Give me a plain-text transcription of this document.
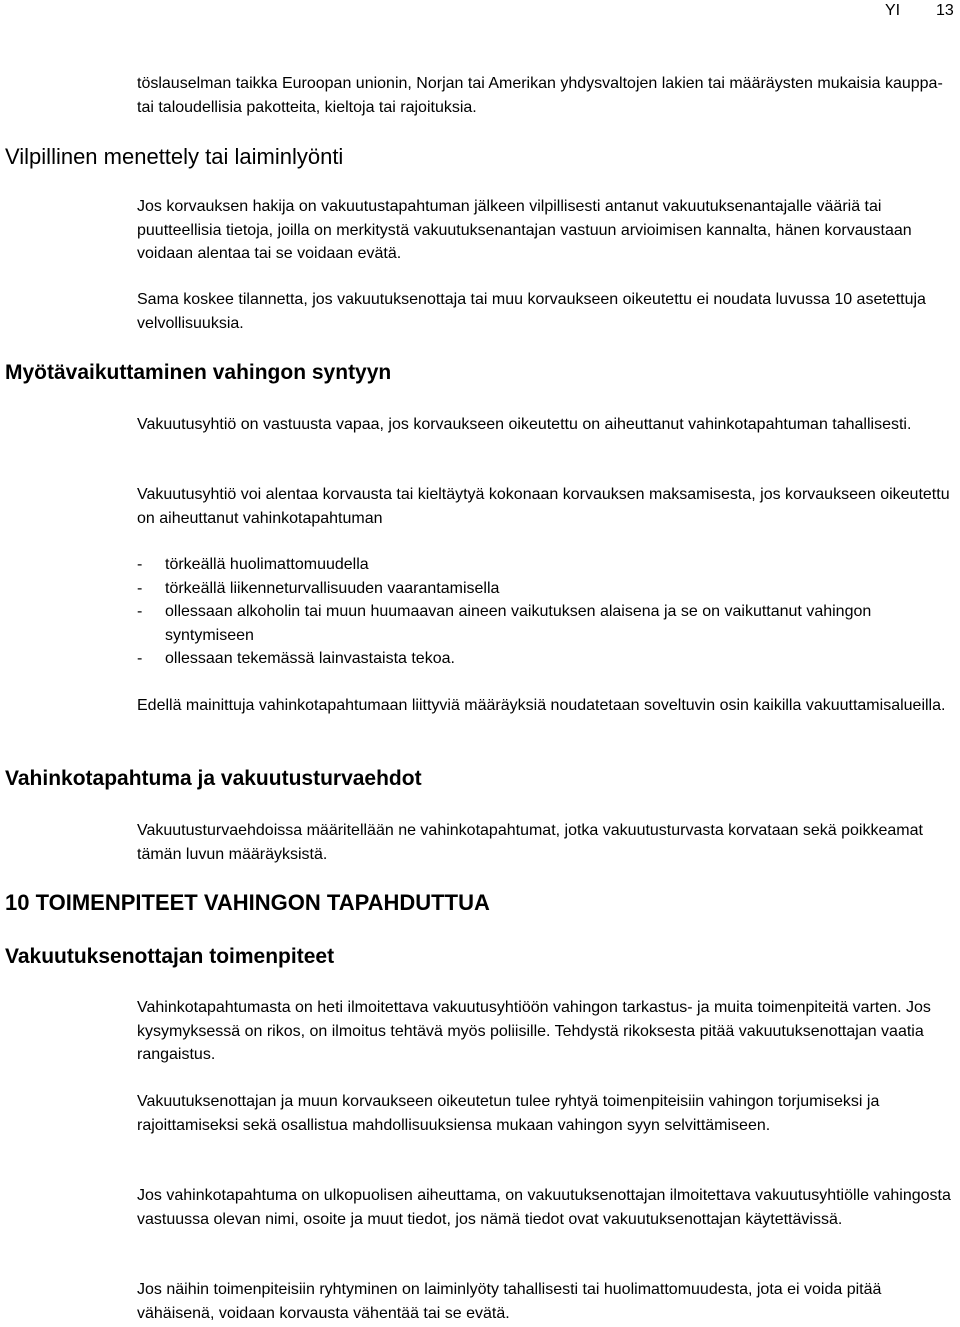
YI 13

töslauselman taikka Euroopan unionin, Norjan tai Amerikan yhdysvaltojen lakien tai määräysten mukaisia kauppa- tai taloudellisia pakotteita, kieltoja tai rajoituksia.

Vilpillinen menettely tai laiminlyönti

Jos korvauksen hakija on vakuutustapahtuman jälkeen vilpillisesti antanut vakuutuksenantajalle vääriä tai puutteellisia tietoja, joilla on merkitystä vakuutuksenantajan vastuun arvioimisen kannalta, hänen korvaustaan voidaan alentaa tai se voidaan evätä.

Sama koskee tilannetta, jos vakuutuksenottaja tai muu korvaukseen oikeutettu ei noudata luvussa 10 asetettuja velvollisuuksia.

Myötävaikuttaminen vahingon syntyyn

Vakuutusyhtiö on vastuusta vapaa, jos korvaukseen oikeutettu on aiheuttanut vahinkotapahtuman tahallisesti.

Vakuutusyhtiö voi alentaa korvausta tai kieltäytyä kokonaan korvauksen maksamisesta, jos korvaukseen oikeutettu on aiheuttanut vahinkotapahtuman

- törkeällä huolimattomuudella
- törkeällä liikenneturvallisuuden vaarantamisella
- ollessaan alkoholin tai muun huumaavan aineen vaikutuksen alaisena ja se on vaikuttanut vahingon syntymiseen
- ollessaan tekemässä lainvastaista tekoa.

Edellä mainittuja vahinkotapahtumaan liittyviä määräyksiä noudatetaan soveltuvin osin kaikilla vakuuttamisalueilla.

Vahinkotapahtuma ja vakuutusturvaehdot

Vakuutusturvaehdoissa määritellään ne vahinkotapahtumat, jotka vakuutusturvasta korvataan sekä poikkeamat tämän luvun määräyksistä.

10 TOIMENPITEET VAHINGON TAPAHDUTTUA
Vakuutuksenottajan toimenpiteet

Vahinkotapahtumasta on heti ilmoitettava vakuutusyhtiöön vahingon tarkastus- ja muita toimenpiteitä varten. Jos kysymyksessä on rikos, on ilmoitus tehtävä myös poliisille. Tehdystä rikoksesta pitää vakuutuksenottajan vaatia rangaistus.

Vakuutuksenottajan ja muun korvaukseen oikeutetun tulee ryhtyä toimenpiteisiin vahingon torjumiseksi ja rajoittamiseksi sekä osallistua mahdollisuuksiensa mukaan vahingon syyn selvittämiseen.

Jos vahinkotapahtuma on ulkopuolisen aiheuttama, on vakuutuksenottajan ilmoitettava vakuutusyhtiölle vahingosta vastuussa olevan nimi, osoite ja muut tiedot, jos nämä tiedot ovat vakuutuksenottajan käytettävissä.

Jos näihin toimenpiteisiin ryhtyminen on laiminlyöty tahallisesti tai huolimattomuudesta, jota ei voida pitää vähäisenä, voidaan korvausta vähentää tai se evätä.
